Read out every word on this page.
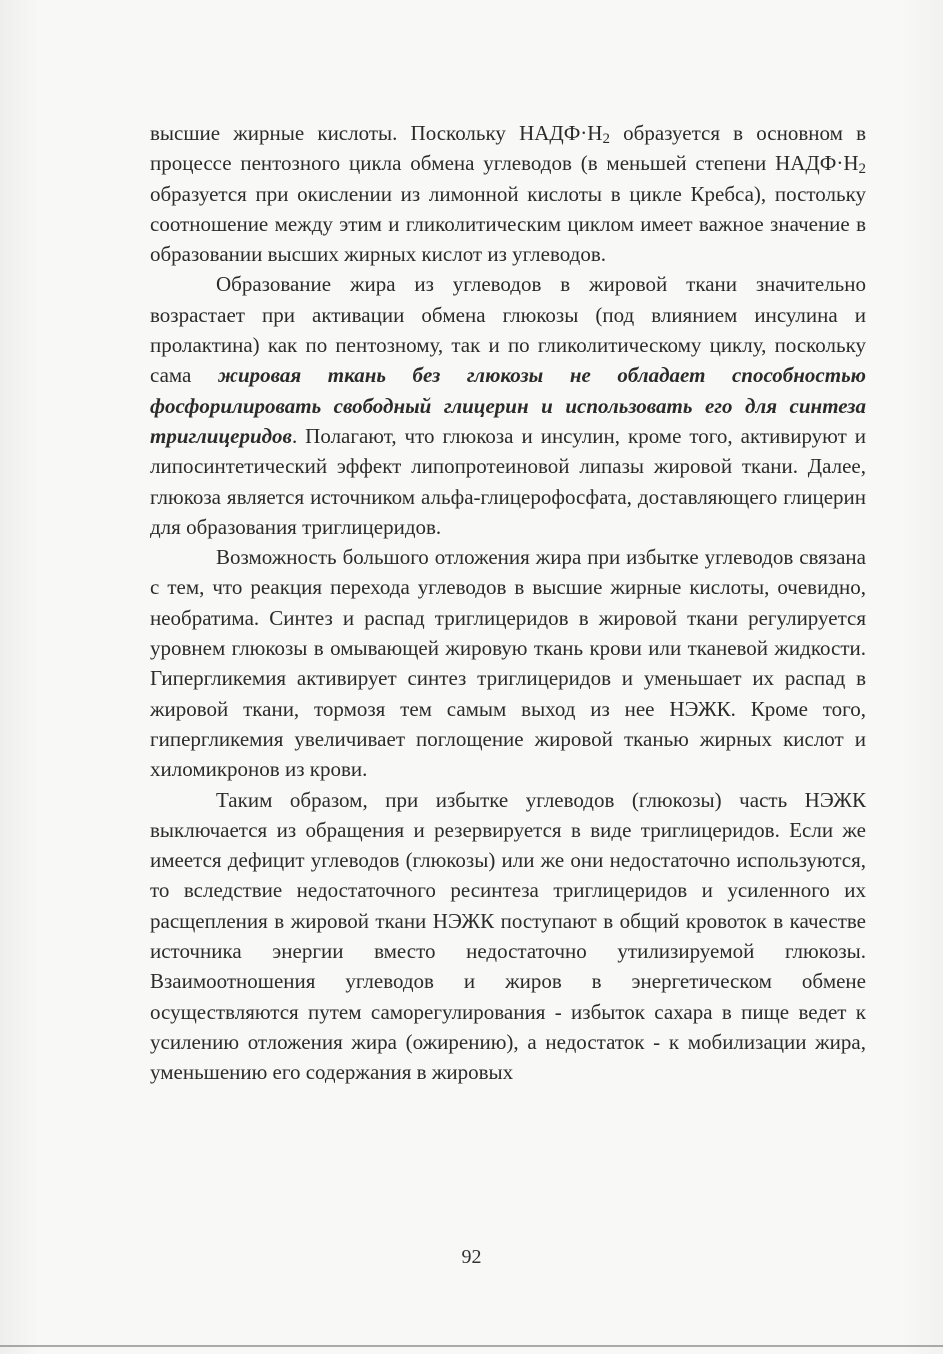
высшие жирные кислоты. Поскольку $НАДФ\cdot Н_2$ образуется в основном в процессе пентозного цикла обмена углеводов (в меньшей степени $НАДФ\cdot Н_2$ образуется при окислении из лимонной кислоты в цикле Кребса), постольку соотношение между этим и гликолитическим циклом имеет важное значение в образовании высших жирных кислот из углеводов.

Образование жира из углеводов в жировой ткани значительно возрастает при активации обмена глюкозы (под влиянием инсулина и пролактина) как по пентозному, так и по гликолитическому циклу, поскольку сама жировая ткань без глюкозы не обладает способностью фосфорилировать свободный глицерин и использовать его для синтеза триглицеридов. Полагают, что глюкоза и инсулин, кроме того, активируют и липосинтетический эффект липопротеиновой липазы жировой ткани. Далее, глюкоза является источником альфа-глицерофосфата, доставляющего глицерин для образования триглицеридов.

Возможность большого отложения жира при избытке углеводов связана с тем, что реакция перехода углеводов в высшие жирные кислоты, очевидно, необратима. Синтез и распад триглицеридов в жировой ткани регулируется уровнем глюкозы в омывающей жировую ткань крови или тканевой жидкости. Гипергликемия активирует синтез триглицеридов и уменьшает их распад в жировой ткани, тормозя тем самым выход из нее НЭЖК. Кроме того, гипергликемия увеличивает поглощение жировой тканью жирных кислот и хиломикронов из крови.

Таким образом, при избытке углеводов (глюкозы) часть НЭЖК выключается из обращения и резервируется в виде триглицеридов. Если же имеется дефицит углеводов (глюкозы) или же они недостаточно используются, то вследствие недостаточного ресинтеза триглицеридов и усиленного их расщепления в жировой ткани НЭЖК поступают в общий кровоток в качестве источника энергии вместо недостаточно утилизируемой глюкозы. Взаимоотношения углеводов и жиров в энергетическом обмене осуществляются путем саморегулирования - избыток сахара в пище ведет к усилению отложения жира (ожирению), а недостаток - к мобилизации жира, уменьшению его содержания в жировых

92
